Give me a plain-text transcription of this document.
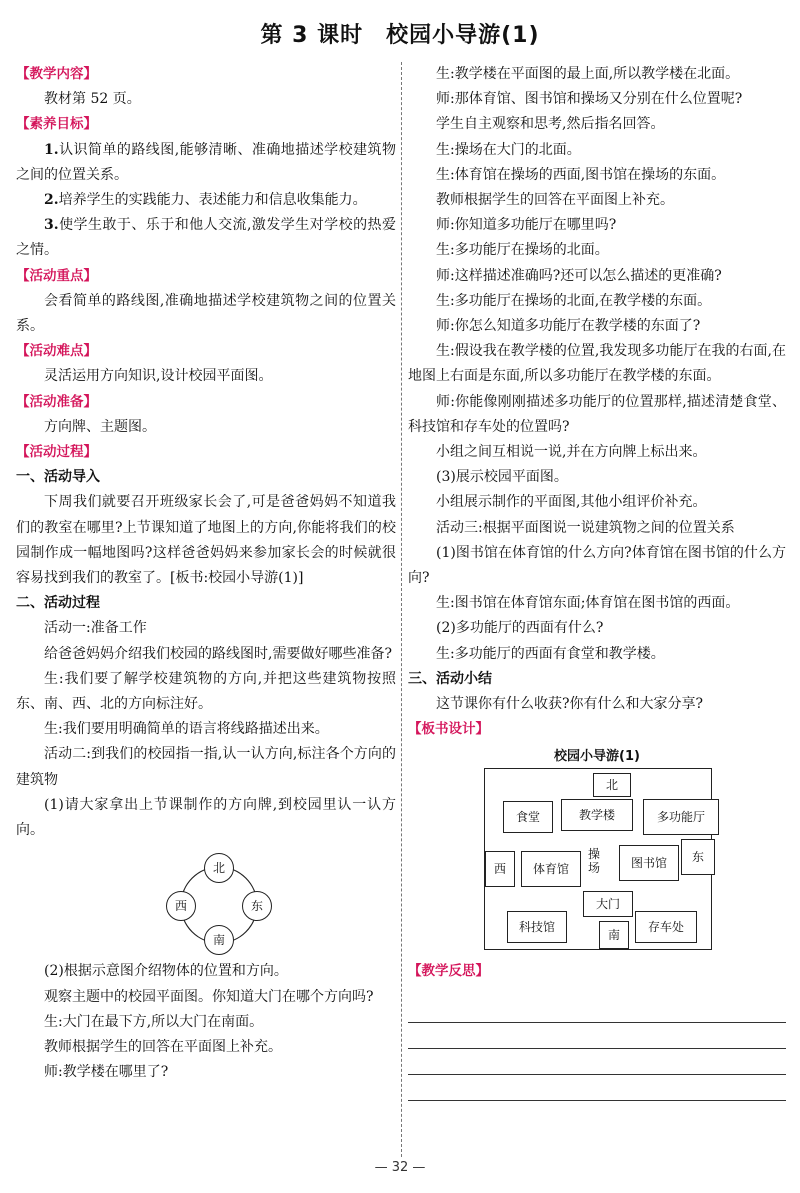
第 3 课时　校园小导游(1)
【教学内容】

教材第 52 页。

【素养目标】

1.认识简单的路线图,能够清晰、准确地描述学校建筑物之间的位置关系。

2.培养学生的实践能力、表述能力和信息收集能力。

3.使学生敢于、乐于和他人交流,激发学生对学校的热爱之情。

【活动重点】

会看简单的路线图,准确地描述学校建筑物之间的位置关系。

【活动难点】

灵活运用方向知识,设计校园平面图。

【活动准备】

方向牌、主题图。

【活动过程】
一、活动导入

下周我们就要召开班级家长会了,可是爸爸妈妈不知道我们的教室在哪里?上节课知道了地图上的方向,你能将我们的校园制作成一幅地图吗?这样爸爸妈妈来参加家长会的时候就很容易找到我们的教室了。[板书:校园小导游(1)]

二、活动过程

活动一:准备工作

给爸爸妈妈介绍我们校园的路线图时,需要做好哪些准备?

生:我们要了解学校建筑物的方向,并把这些建筑物按照东、南、西、北的方向标注好。

生:我们要用明确简单的语言将线路描述出来。

活动二:到我们的校园指一指,认一认方向,标注各个方向的建筑物

(1)请大家拿出上节课制作的方向牌,到校园里认一认方向。

北
西	东
南

(2)根据示意图介绍物体的位置和方向。

观察主题中的校园平面图。你知道大门在哪个方向吗?

生:大门在最下方,所以大门在南面。

教师根据学生的回答在平面图上补充。

师:教学楼在哪里了?

生:教学楼在平面图的最上面,所以教学楼在北面。

师:那体育馆、图书馆和操场又分别在什么位置呢?

学生自主观察和思考,然后指名回答。

生:操场在大门的北面。

生:体育馆在操场的西面,图书馆在操场的东面。

教师根据学生的回答在平面图上补充。

师:你知道多功能厅在哪里吗?

生:多功能厅在操场的北面。

师:这样描述准确吗?还可以怎么描述的更准确?

生:多功能厅在操场的北面,在教学楼的东面。

师:你怎么知道多功能厅在教学楼的东面了?

生:假设我在教学楼的位置,我发现多功能厅在我的右面,在地图上右面是东面,所以多功能厅在教学楼的东面。

师:你能像刚刚描述多功能厅的位置那样,描述清楚食堂、科技馆和存车处的位置吗?

小组之间互相说一说,并在方向牌上标出来。

(3)展示校园平面图。

小组展示制作的平面图,其他小组评价补充。

活动三:根据平面图说一说建筑物之间的位置关系

(1)图书馆在体育馆的什么方向?体育馆在图书馆的什么方向?

生:图书馆在体育馆东面;体育馆在图书馆的西面。

(2)多功能厅的西面有什么?

生:多功能厅的西面有食堂和教学楼。

三、活动小结

这节课你有什么收获?你有什么和大家分享?

【板书设计】
校园小导游(1)
北
食堂	教学楼	多功能厅
西	体育馆
操场	图书馆	东
大门
科技馆
南
存车处
【教学反思】
— 32 —
